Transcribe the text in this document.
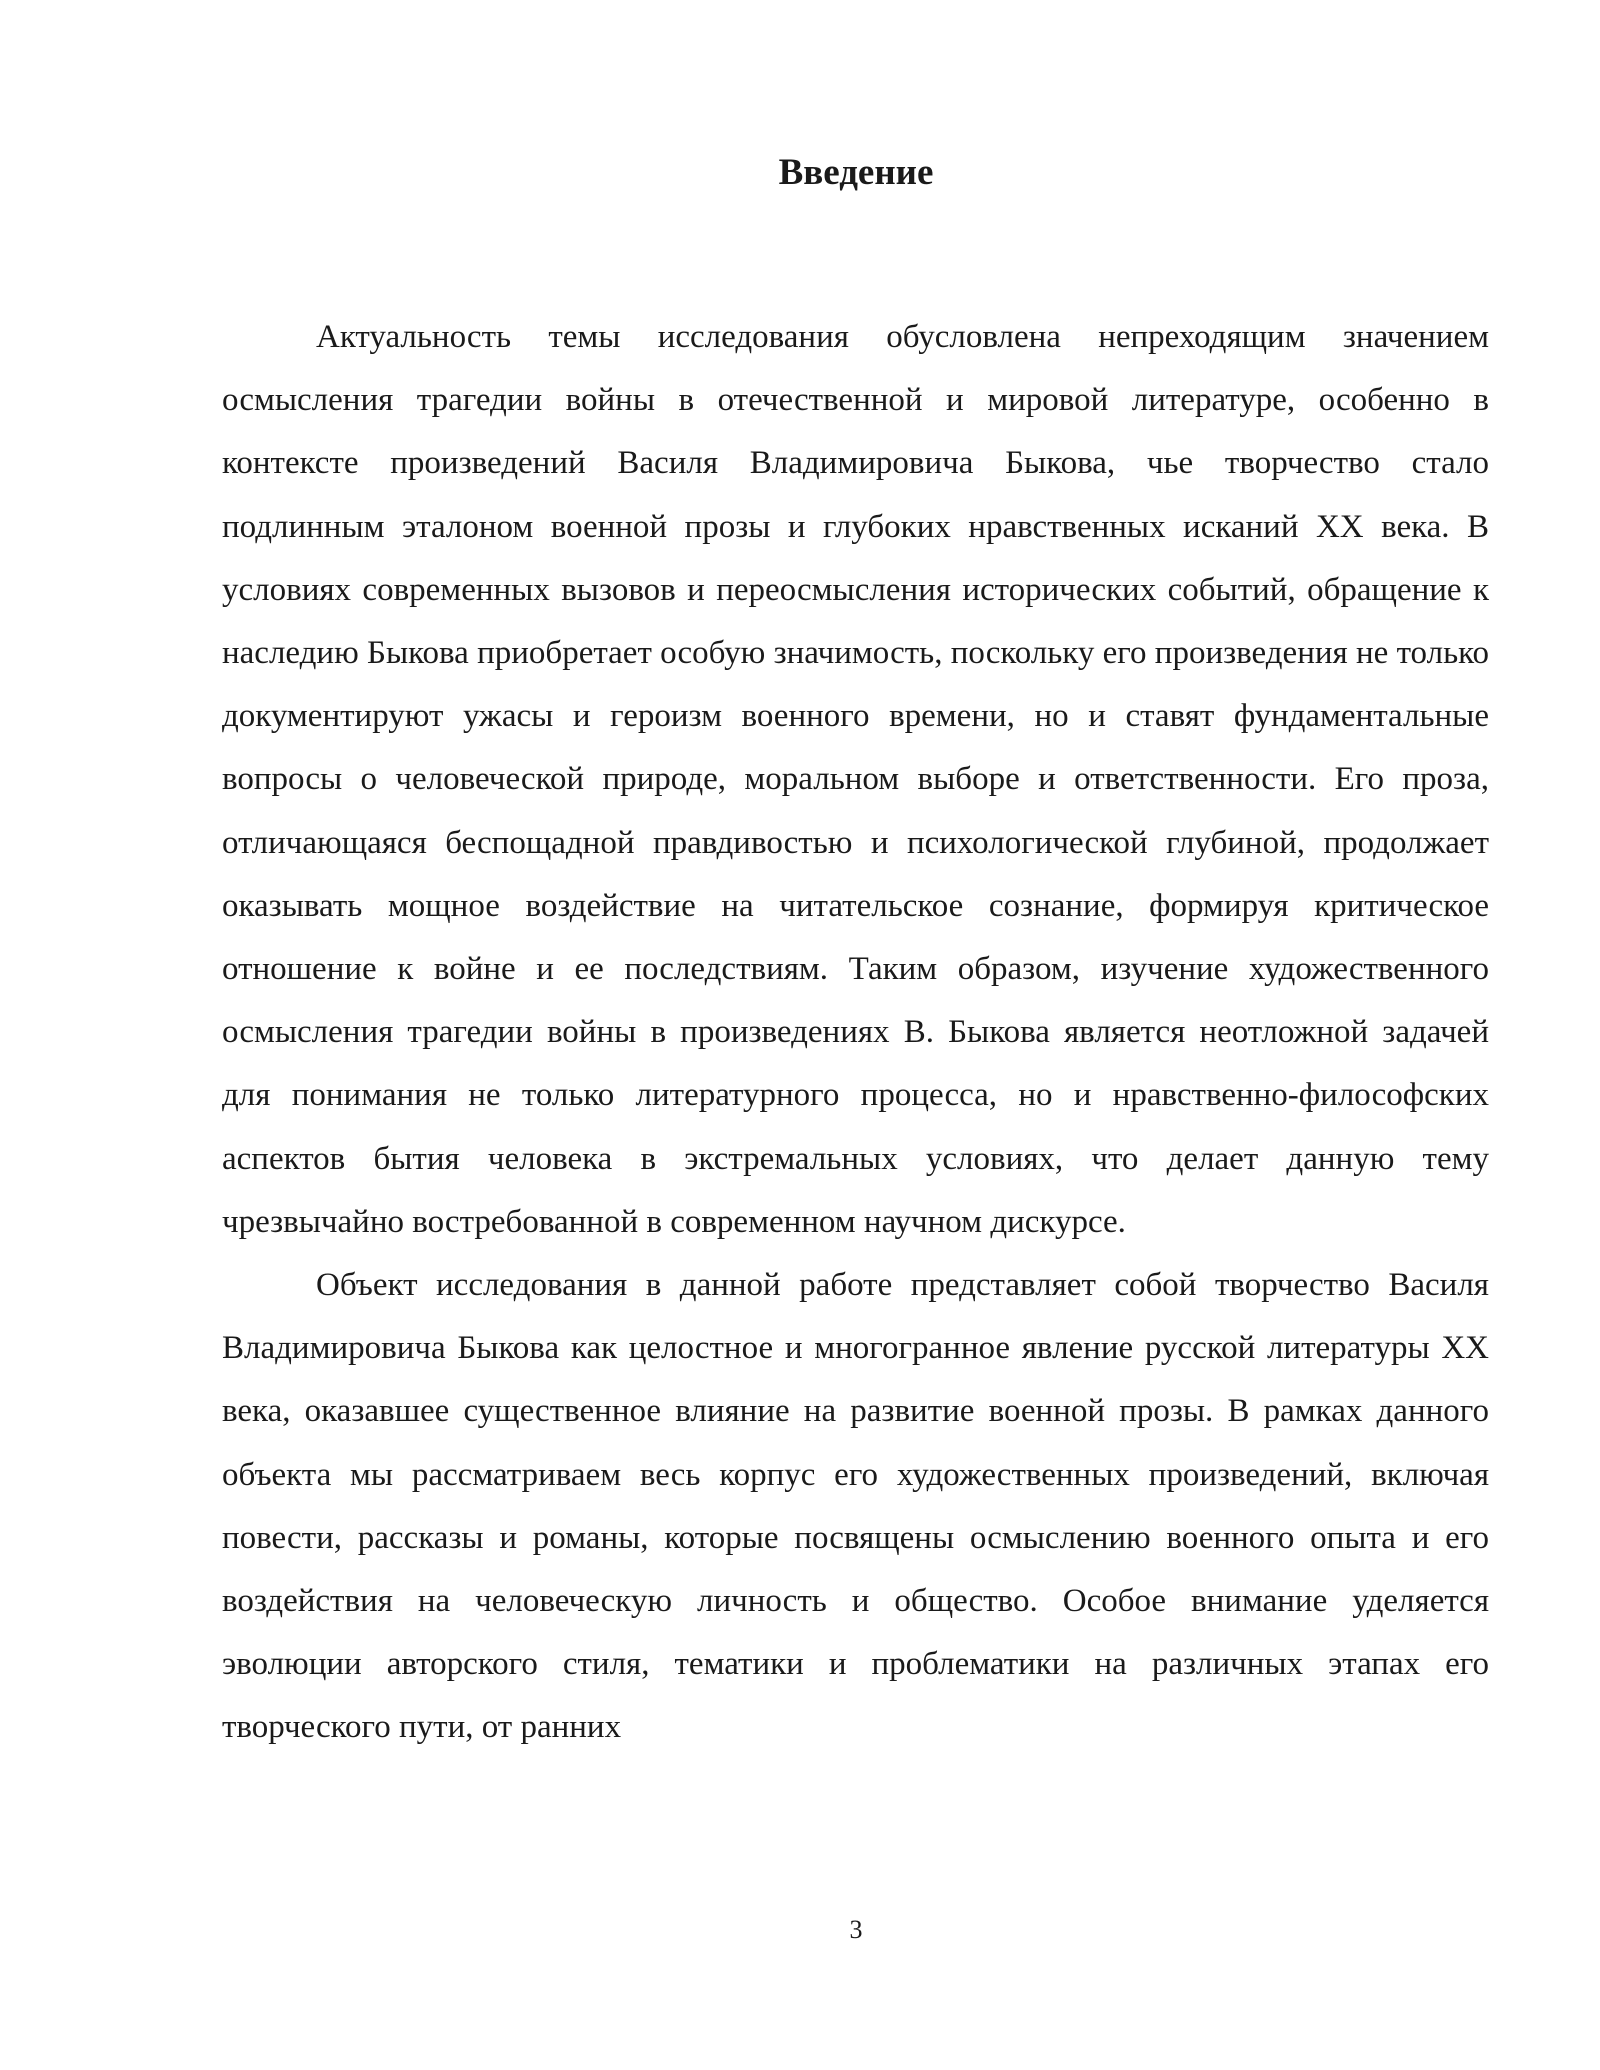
Введение

Актуальность темы исследования обусловлена непреходящим значением осмысления трагедии войны в отечественной и мировой литературе, особенно в контексте произведений Василя Владимировича Быкова, чье творчество стало подлинным эталоном военной прозы и глубоких нравственных исканий XX века. В условиях современных вызовов и переосмысления исторических событий, обращение к наследию Быкова приобретает особую значимость, поскольку его произведения не только документируют ужасы и героизм военного времени, но и ставят фундаментальные вопросы о человеческой природе, моральном выборе и ответственности. Его проза, отличающаяся беспощадной правдивостью и психологической глубиной, продолжает оказывать мощное воздействие на читательское сознание, формируя критическое отношение к войне и ее последствиям. Таким образом, изучение художественного осмысления трагедии войны в произведениях В. Быкова является неотложной задачей для понимания не только литературного процесса, но и нравственно-философских аспектов бытия человека в экстремальных условиях, что делает данную тему чрезвычайно востребованной в современном научном дискурсе.

Объект исследования в данной работе представляет собой творчество Василя Владимировича Быкова как целостное и многогранное явление русской литературы XX века, оказавшее существенное влияние на развитие военной прозы. В рамках данного объекта мы рассматриваем весь корпус его художественных произведений, включая повести, рассказы и романы, которые посвящены осмыслению военного опыта и его воздействия на человеческую личность и общество. Особое внимание уделяется эволюции авторского стиля, тематики и проблематики на различных этапах его творческого пути, от ранних

3
